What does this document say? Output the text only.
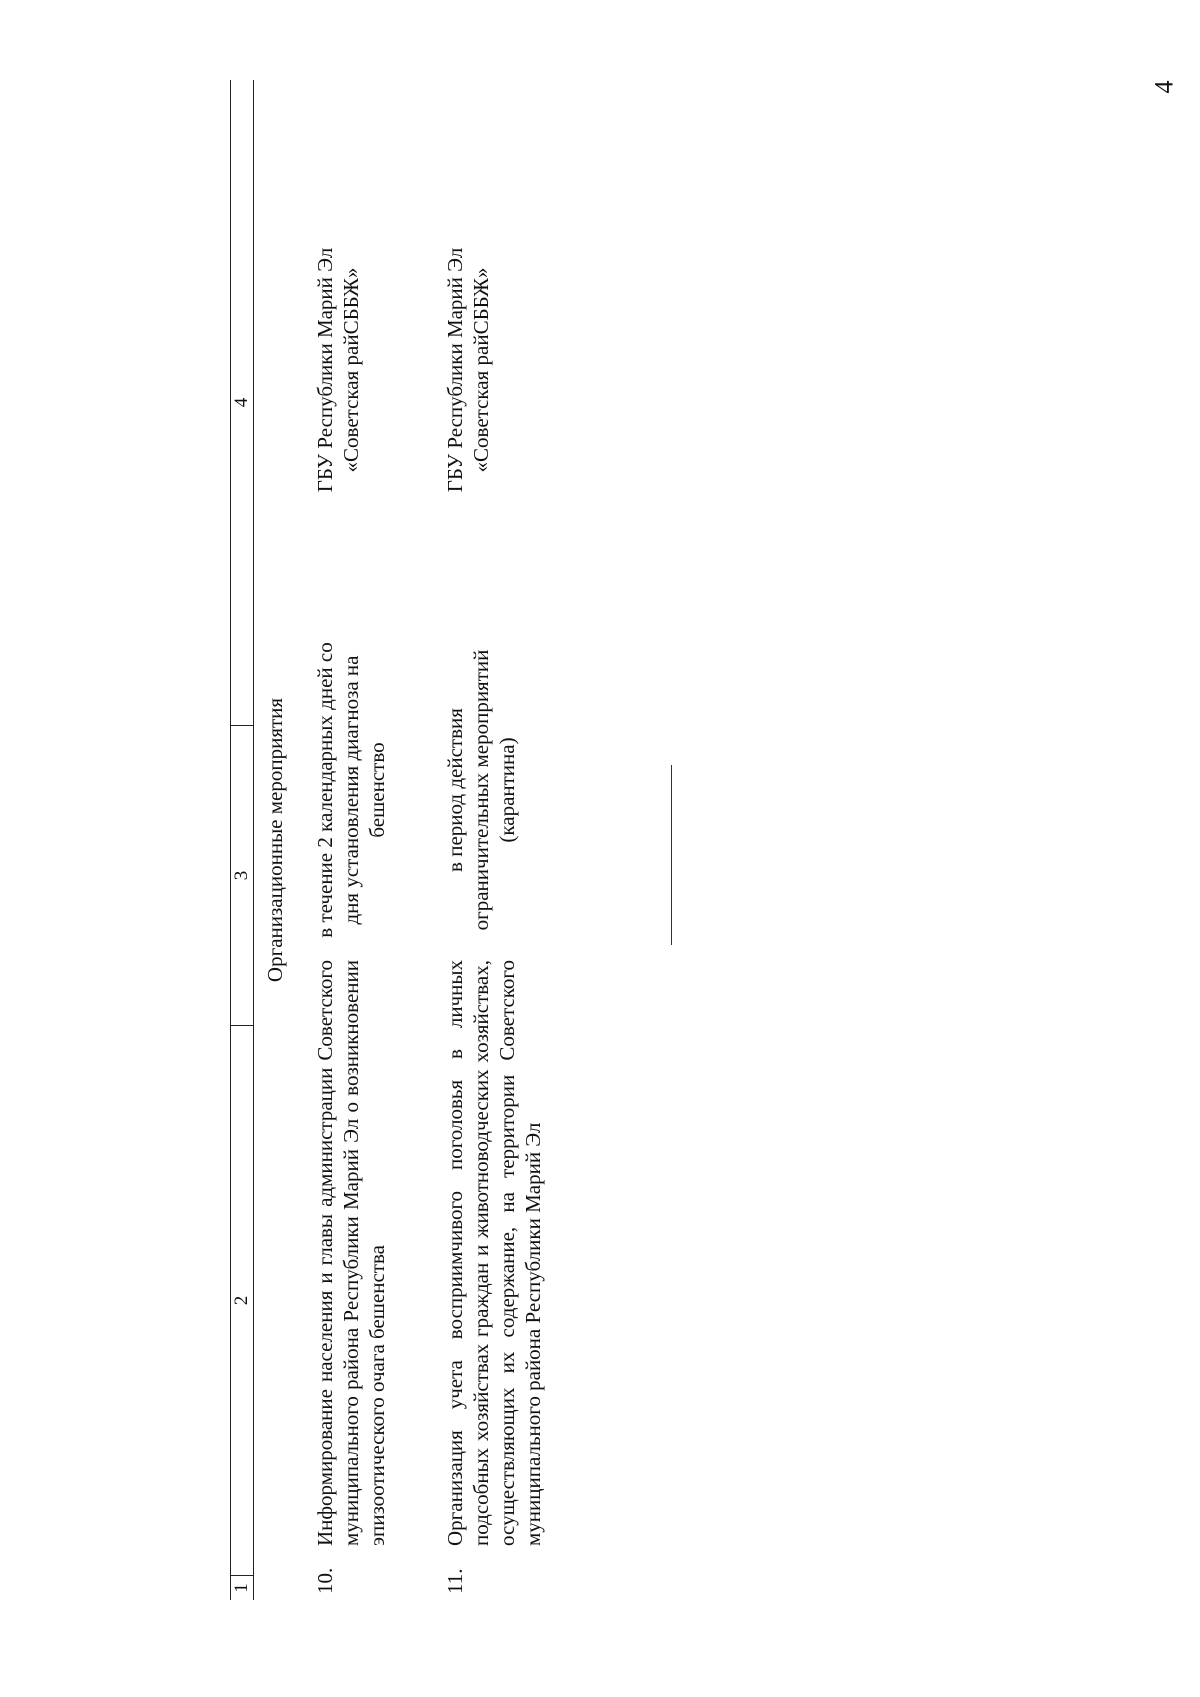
4
1
2
3
4
Организационные мероприятия
10.
Информирование населения и главы администрации Советского муниципального района Республики Марий Эл о возникновении эпизоотического очага бешенства
в течение 2 календарных дней со дня установления диагноза на бешенство
ГБУ Республики Марий Эл «Советская райСББЖ»
11.
Организация учета восприимчивого поголовья в личных подсобных хозяйствах граждан и животноводческих хозяйствах, осуществляющих их содержание, на территории Советского муниципального района Республики Марий Эл
в период действия ограничительных мероприятий (карантина)
ГБУ Республики Марий Эл «Советская райСББЖ»
